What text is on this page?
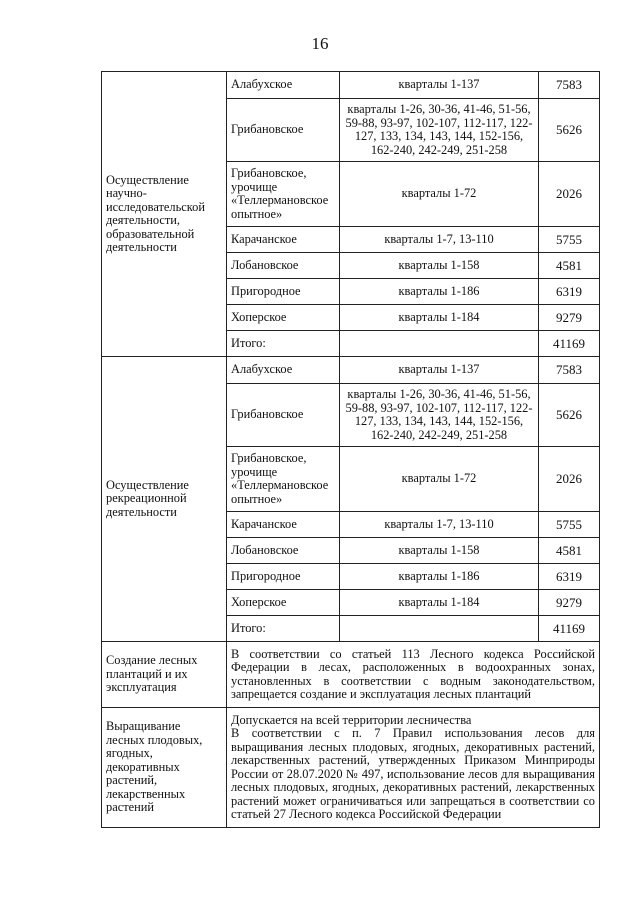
16
Осуществление научно-исследовательской деятельности, образовательной деятельности	Алабухское	кварталы 1-137	7583
	Грибановское	кварталы 1-26, 30-36, 41-46, 51-56, 59-88, 93-97, 102-107, 112-117, 122-127, 133, 134, 143, 144, 152-156, 162-240, 242-249, 251-258	5626
	Грибановское, урочище «Теллермановское опытное»	кварталы 1-72	2026
	Карачанское	кварталы 1-7, 13-110	5755
	Лобановское	кварталы 1-158	4581
	Пригородное	кварталы 1-186	6319
	Хоперское	кварталы 1-184	9279
	Итого:		41169
Осуществление рекреационной деятельности	Алабухское	кварталы 1-137	7583
	Грибановское	кварталы 1-26, 30-36, 41-46, 51-56, 59-88, 93-97, 102-107, 112-117, 122-127, 133, 134, 143, 144, 152-156, 162-240, 242-249, 251-258	5626
	Грибановское, урочище «Теллермановское опытное»	кварталы 1-72	2026
	Карачанское	кварталы 1-7, 13-110	5755
	Лобановское	кварталы 1-158	4581
	Пригородное	кварталы 1-186	6319
	Хоперское	кварталы 1-184	9279
	Итого:		41169
Создание лесных плантаций и их эксплуатация	В соответствии со статьей 113 Лесного кодекса Российской Федерации в лесах, расположенных в водоохранных зонах, установленных в соответствии с водным законодательством, запрещается создание и эксплуатация лесных плантаций		
Выращивание лесных плодовых, ягодных, декоративных растений, лекарственных растений	Допускается на всей территории лесничества
В соответствии с п. 7 Правил использования лесов для выращивания лесных плодовых, ягодных, декоративных растений, лекарственных растений, утвержденных Приказом Минприроды России от 28.07.2020 № 497, использование лесов для выращивания лесных плодовых, ягодных, декоративных растений, лекарственных растений может ограничиваться или запрещаться в соответствии со статьей 27 Лесного кодекса Российской Федерации		
